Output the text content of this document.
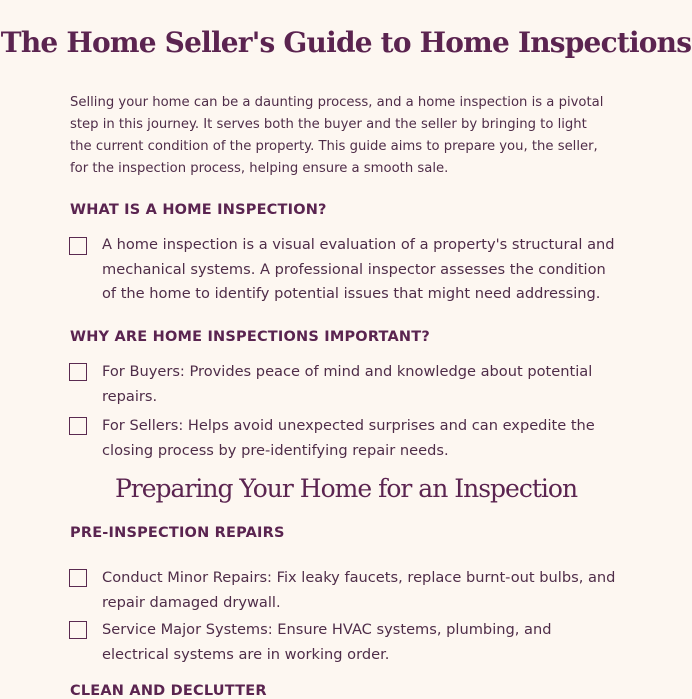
The Home Seller's Guide to Home Inspections
Selling your home can be a daunting process, and a home inspection is a pivotal step in this journey. It serves both the buyer and the seller by bringing to light the current condition of the property. This guide aims to prepare you, the seller, for the inspection process, helping ensure a smooth sale.
WHAT IS A HOME INSPECTION?
A home inspection is a visual evaluation of a property's structural and mechanical systems. A professional inspector assesses the condition of the home to identify potential issues that might need addressing.
WHY ARE HOME INSPECTIONS IMPORTANT?
For Buyers: Provides peace of mind and knowledge about potential repairs.
For Sellers: Helps avoid unexpected surprises and can expedite the closing process by pre-identifying repair needs.
Preparing Your Home for an Inspection
PRE-INSPECTION REPAIRS
Conduct Minor Repairs: Fix leaky faucets, replace burnt-out bulbs, and repair damaged drywall.
Service Major Systems: Ensure HVAC systems, plumbing, and electrical systems are in working order.
CLEAN AND DECLUTTER
